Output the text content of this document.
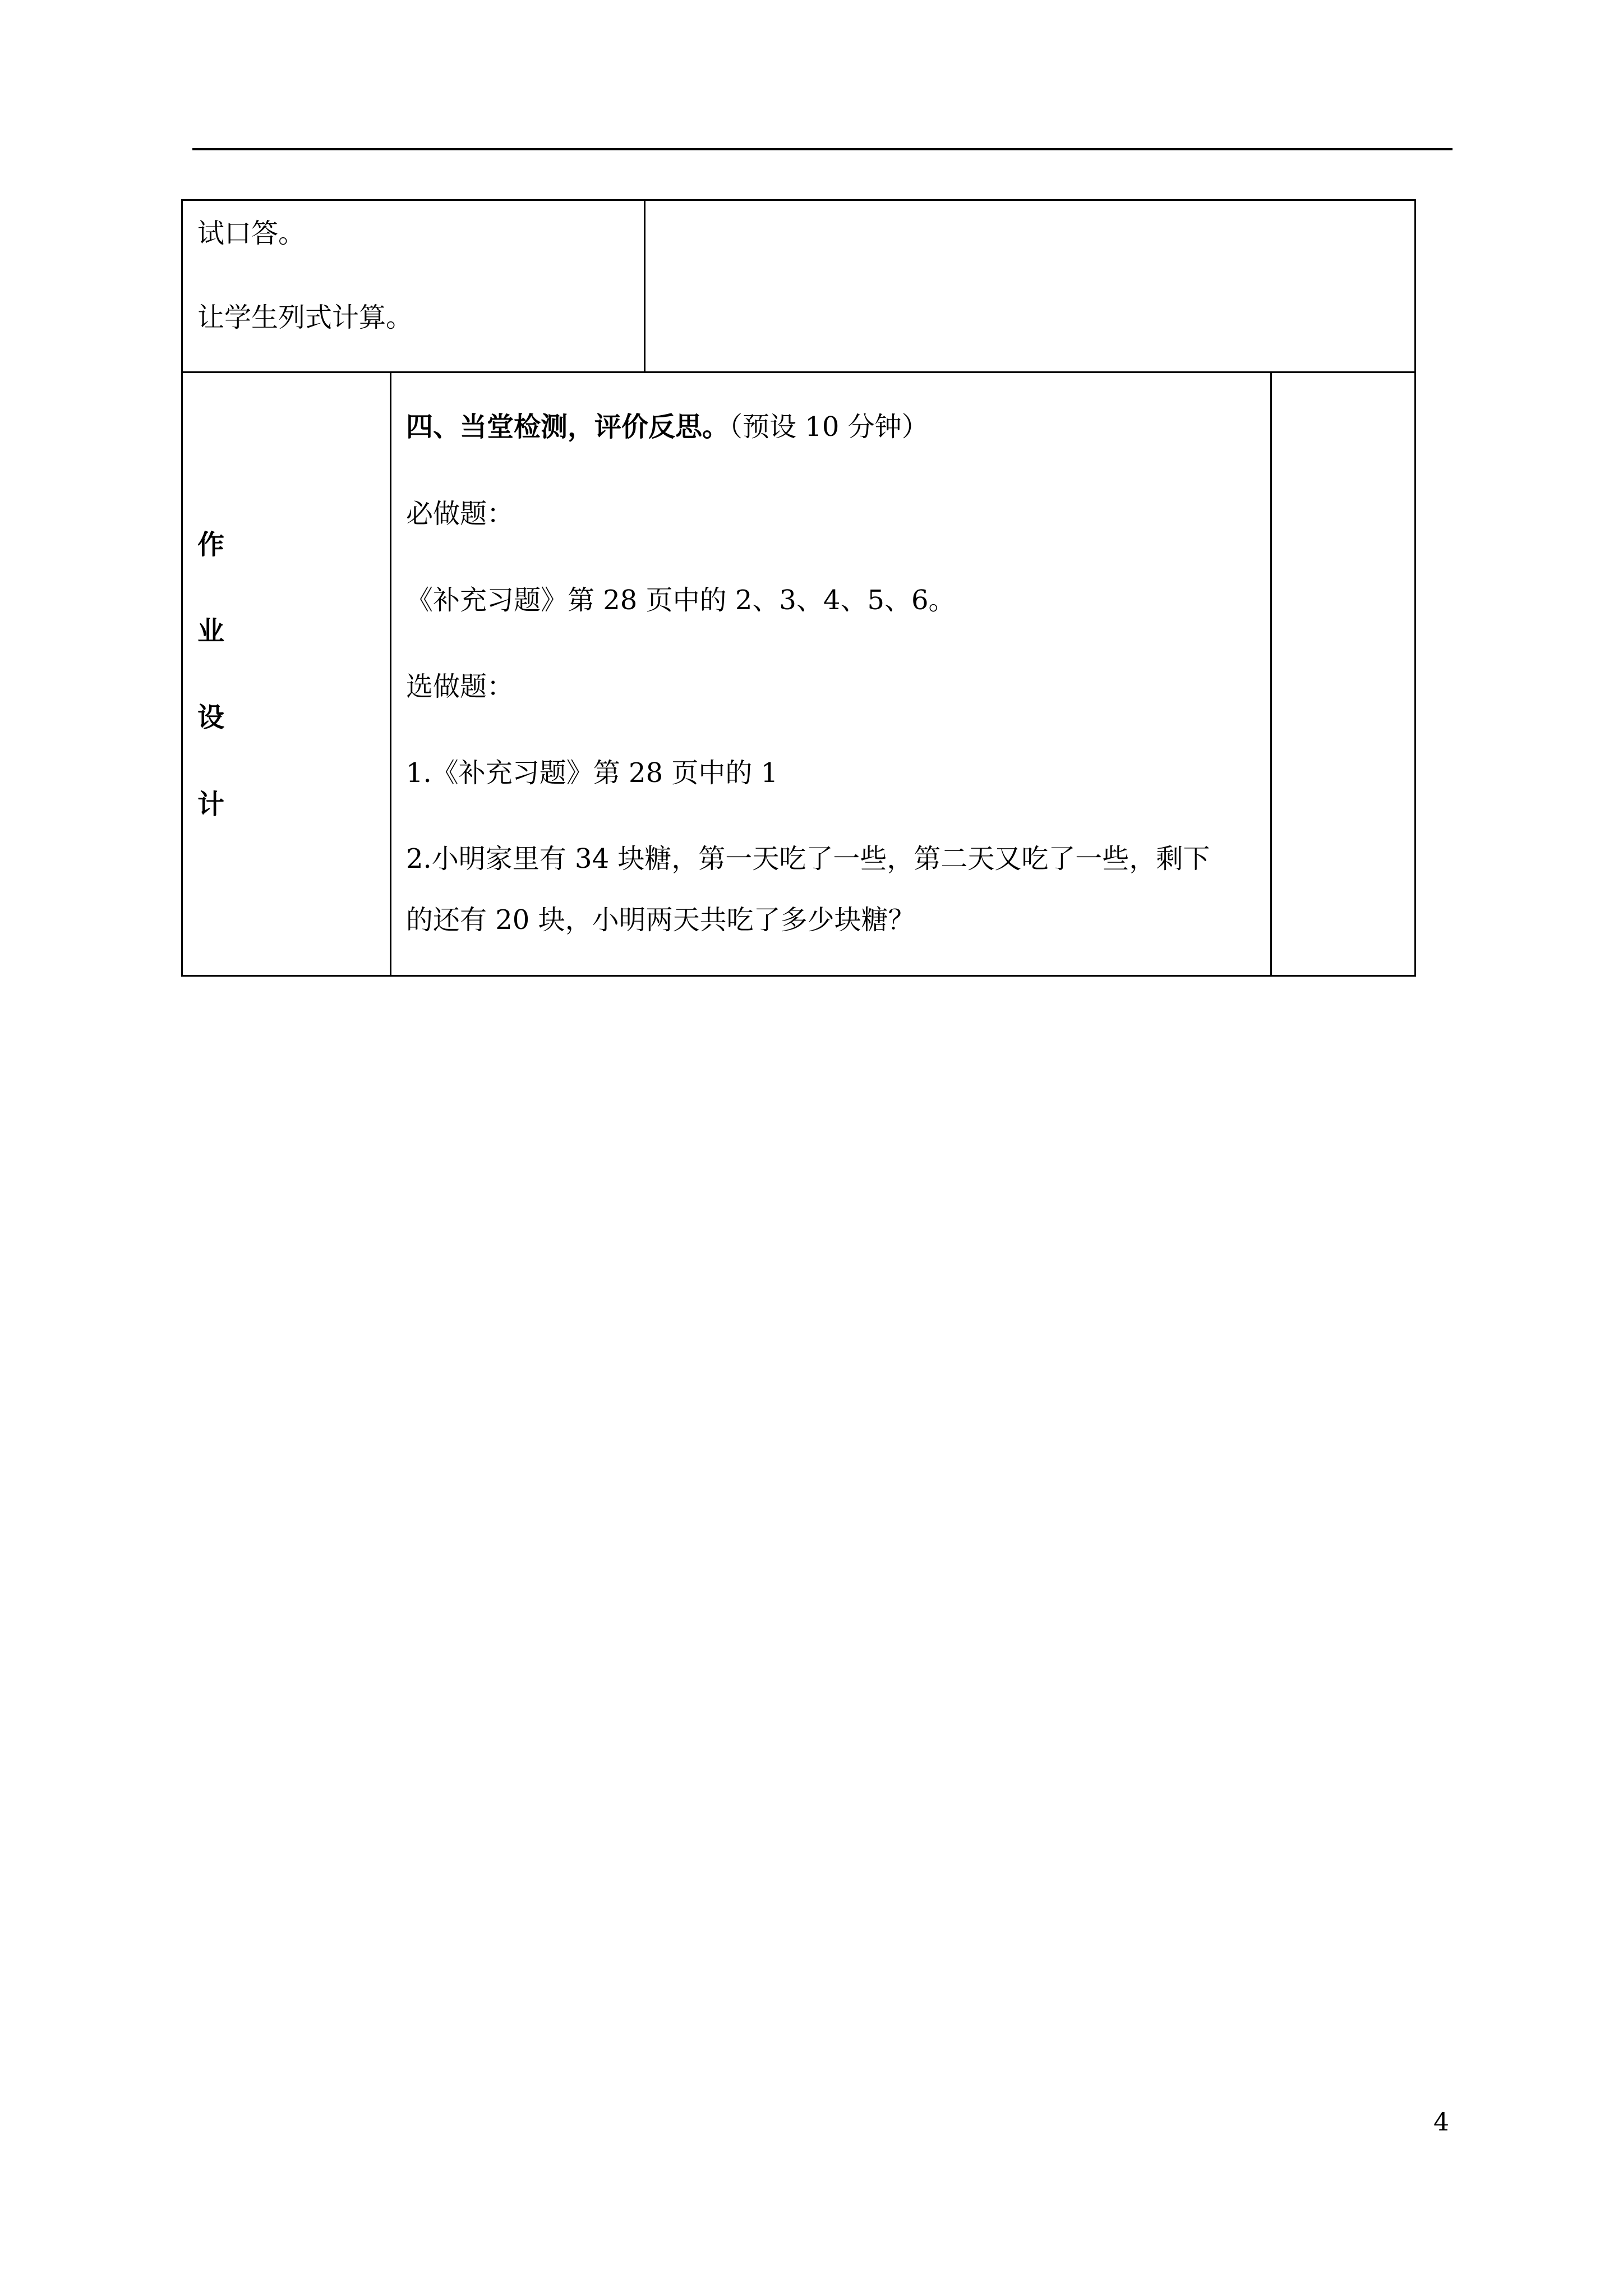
试口答。
让学生列式计算。
作
业
设
计
四、当堂检测，评价反思。（预设 10 分钟）
必做题：
《补充习题》第 28 页中的 2、3、4、5、6。
选做题：
1.《补充习题》第 28 页中的 1
2.小明家里有 34 块糖，第一天吃了一些，第二天又吃了一些，剩下
的还有 20 块，小明两天共吃了多少块糖？
4
